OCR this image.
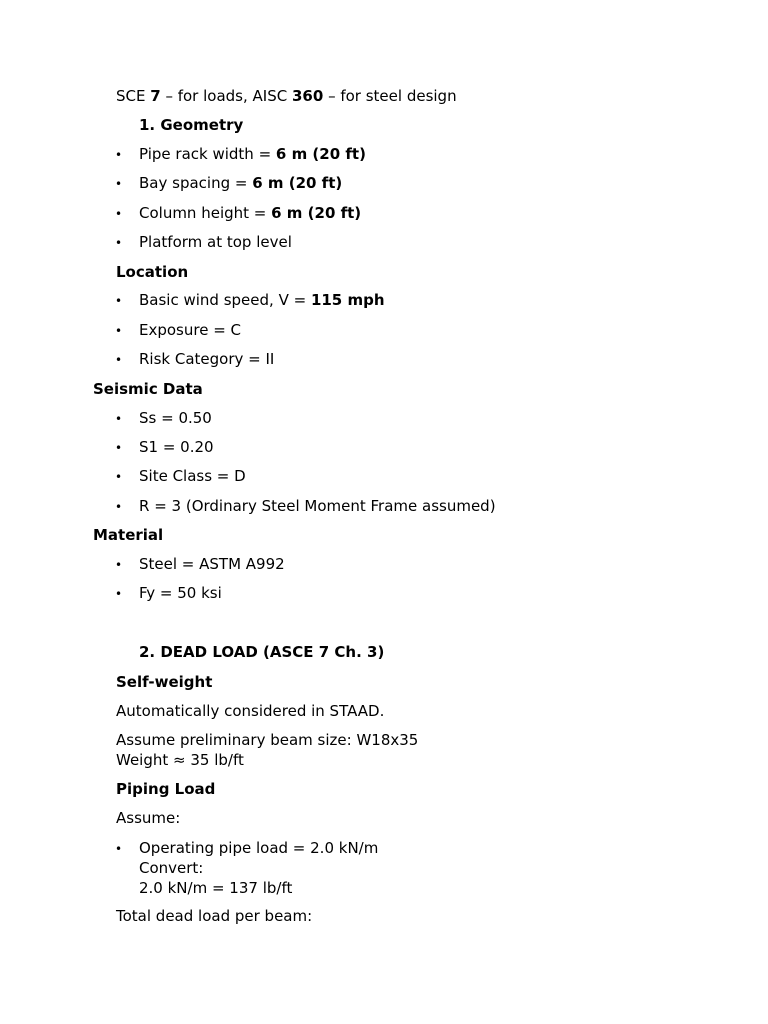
SCE 7 – for loads, AISC 360 – for steel design
1. Geometry
• Pipe rack width = 6 m (20 ft)
• Bay spacing = 6 m (20 ft)
• Column height = 6 m (20 ft)
• Platform at top level
Location
• Basic wind speed, V = 115 mph
• Exposure = C
• Risk Category = II
Seismic Data
• Ss = 0.50
• S1 = 0.20
• Site Class = D
• R = 3 (Ordinary Steel Moment Frame assumed)
Material
• Steel = ASTM A992
• Fy = 50 ksi
2. DEAD LOAD (ASCE 7 Ch. 3)
Self-weight
Automatically considered in STAAD.
Assume preliminary beam size: W18x35
Weight ≈ 35 lb/ft
Piping Load
Assume:
• Operating pipe load = 2.0 kN/m
Convert:
2.0 kN/m = 137 lb/ft
Total dead load per beam:
